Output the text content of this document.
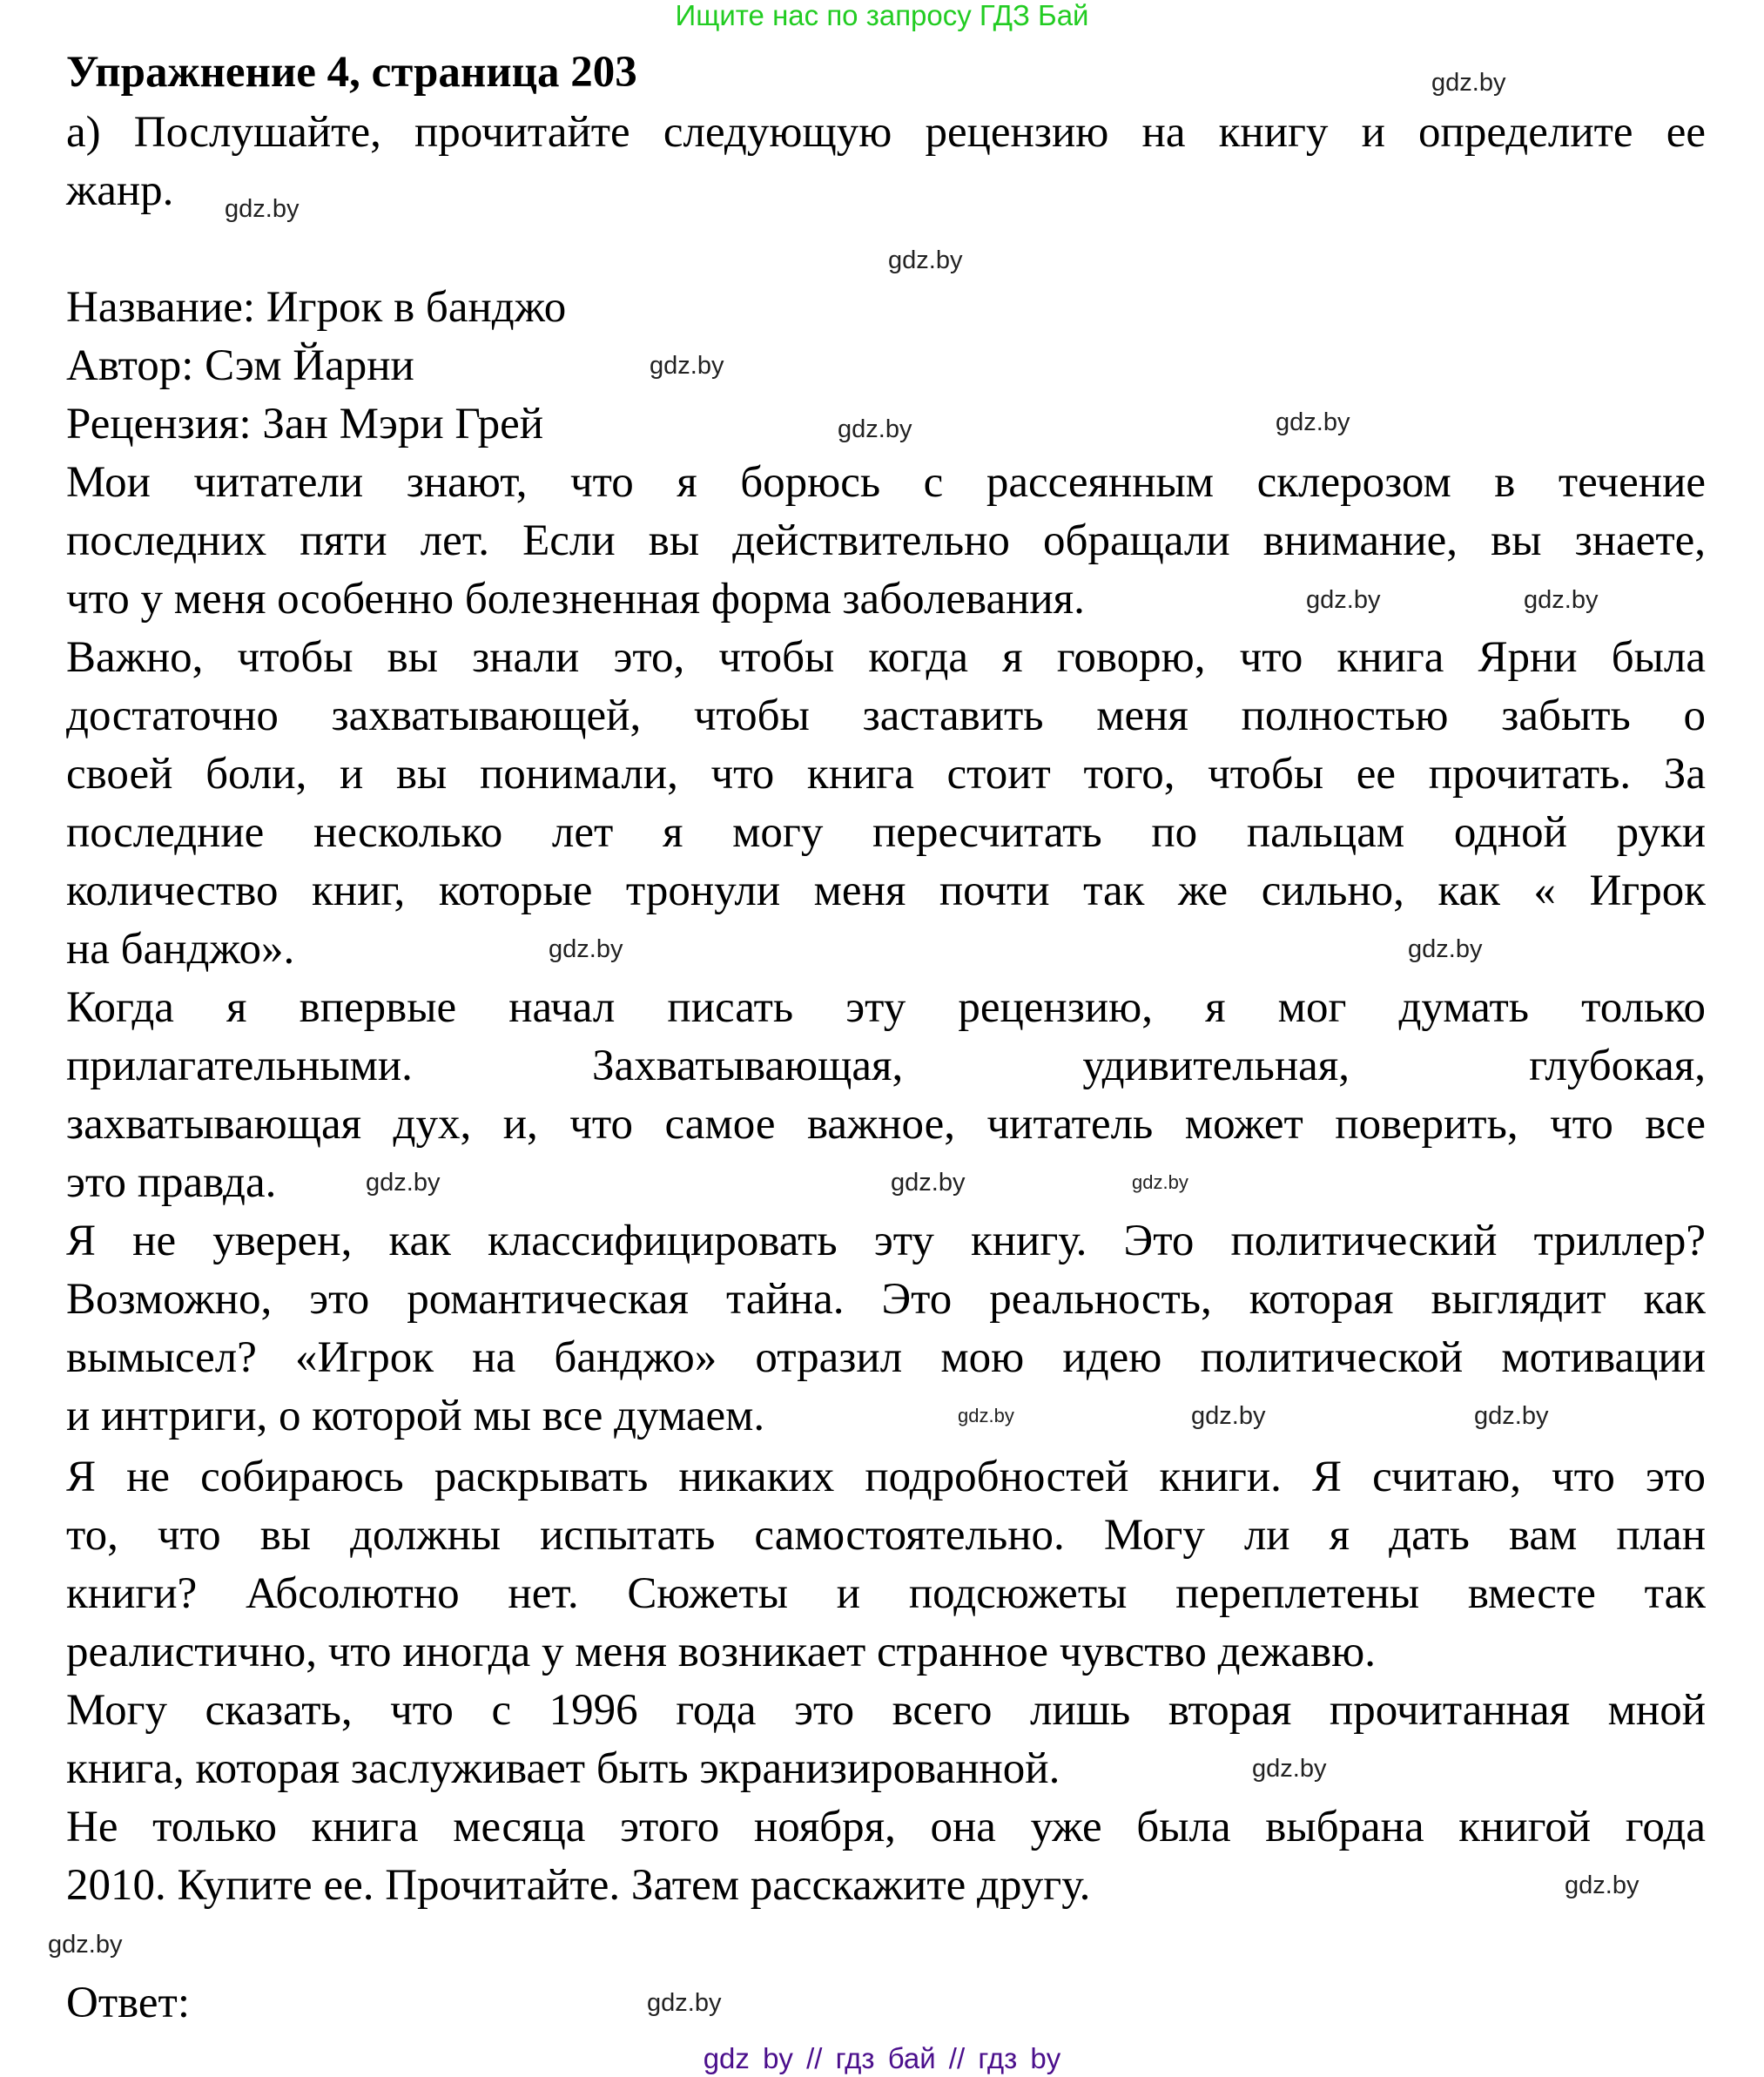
Ищите нас по запросу ГДЗ Бай
Упражнение 4, страница 203
а) Послушайте, прочитайте следующую рецензию на книгу и определите ее
жанр.
Название: Игрок в банджо
Автор: Сэм Йарни
Рецензия: Зан Мэри Грей
Мои читатели знают, что я борюсь с рассеянным склерозом в течение
последних пяти лет. Если вы действительно обращали внимание, вы знаете,
что у меня особенно болезненная форма заболевания.
Важно, чтобы вы знали это, чтобы когда я говорю, что книга Ярни была
достаточно захватывающей, чтобы заставить меня полностью забыть о
своей боли, и вы понимали, что книга стоит того, чтобы ее прочитать. За
последние несколько лет я могу пересчитать по пальцам одной руки
количество книг, которые тронули меня почти так же сильно, как « Игрок
на банджо».
Когда я впервые начал писать эту рецензию, я мог думать только
прилагательными. Захватывающая, удивительная, глубокая,
захватывающая дух, и, что самое важное, читатель может поверить, что все
это правда.
Я не уверен, как классифицировать эту книгу. Это политический триллер?
Возможно, это романтическая тайна. Это реальность, которая выглядит как
вымысел? «Игрок на банджо» отразил мою идею политической мотивации
и интриги, о которой мы все думаем.
Я не собираюсь раскрывать никаких подробностей книги. Я считаю, что это
то, что вы должны испытать самостоятельно. Могу ли я дать вам план
книги? Абсолютно нет. Сюжеты и подсюжеты переплетены вместе так
реалистично, что иногда у меня возникает странное чувство дежавю.
Могу сказать, что с 1996 года это всего лишь вторая прочитанная мной
книга, которая заслуживает быть экранизированной.
Не только книга месяца этого ноября, она уже была выбрана книгой года
2010. Купите ее. Прочитайте. Затем расскажите другу.
Ответ:
gdz.by
gdz.by
gdz.by
gdz.by
gdz.by
gdz.by
gdz.by	gdz.by
gdz.by	gdz.by
gdz.by	gdz.by
gdz.by
gdz.by
gdz.by
gdz.by
gdz.by
gdz.by
gdz.by
gdz.by
gdz by // гдз бай // гдз by
